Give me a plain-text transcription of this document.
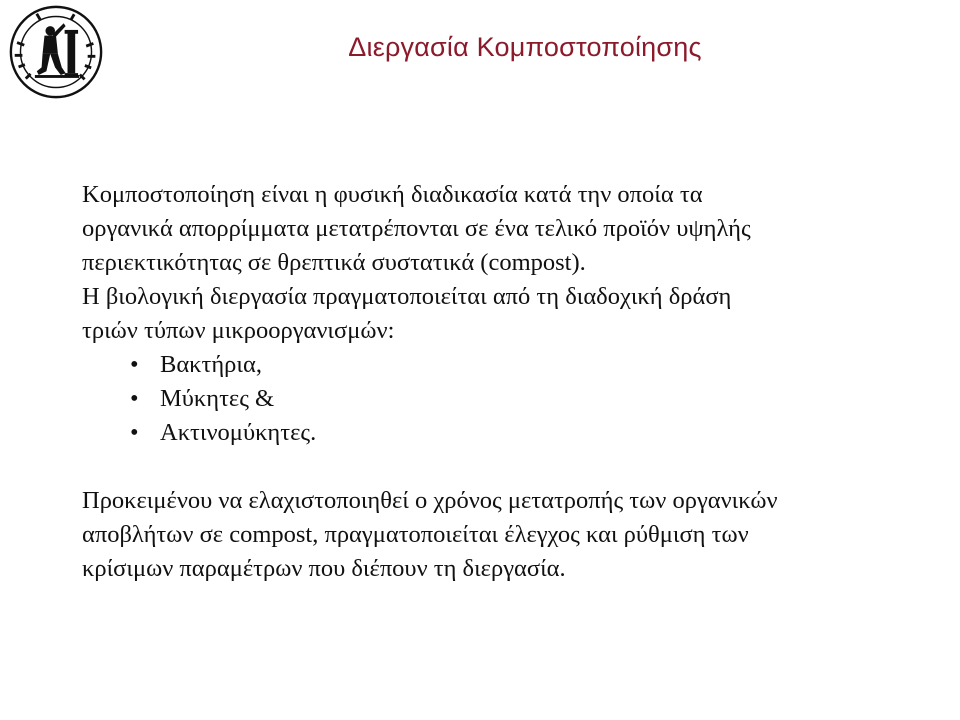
Διεργασία Κομποστοποίησης

Κομποστοποίηση είναι η φυσική διαδικασία κατά την οποία τα

οργανικά απορρίμματα μετατρέπονται σε ένα τελικό προϊόν υψηλής

περιεκτικότητας σε θρεπτικά συστατικά (compost).

Η βιολογική διεργασία πραγματοποιείται από τη διαδοχική δράση

τριών τύπων μικροοργανισμών:

• Βακτήρια,
• Μύκητες &
• Ακτινομύκητες.

Προκειμένου να ελαχιστοποιηθεί ο χρόνος μετατροπής των οργανικών

αποβλήτων σε compost, πραγματοποιείται έλεγχος και ρύθμιση των

κρίσιμων παραμέτρων που διέπουν τη διεργασία.
